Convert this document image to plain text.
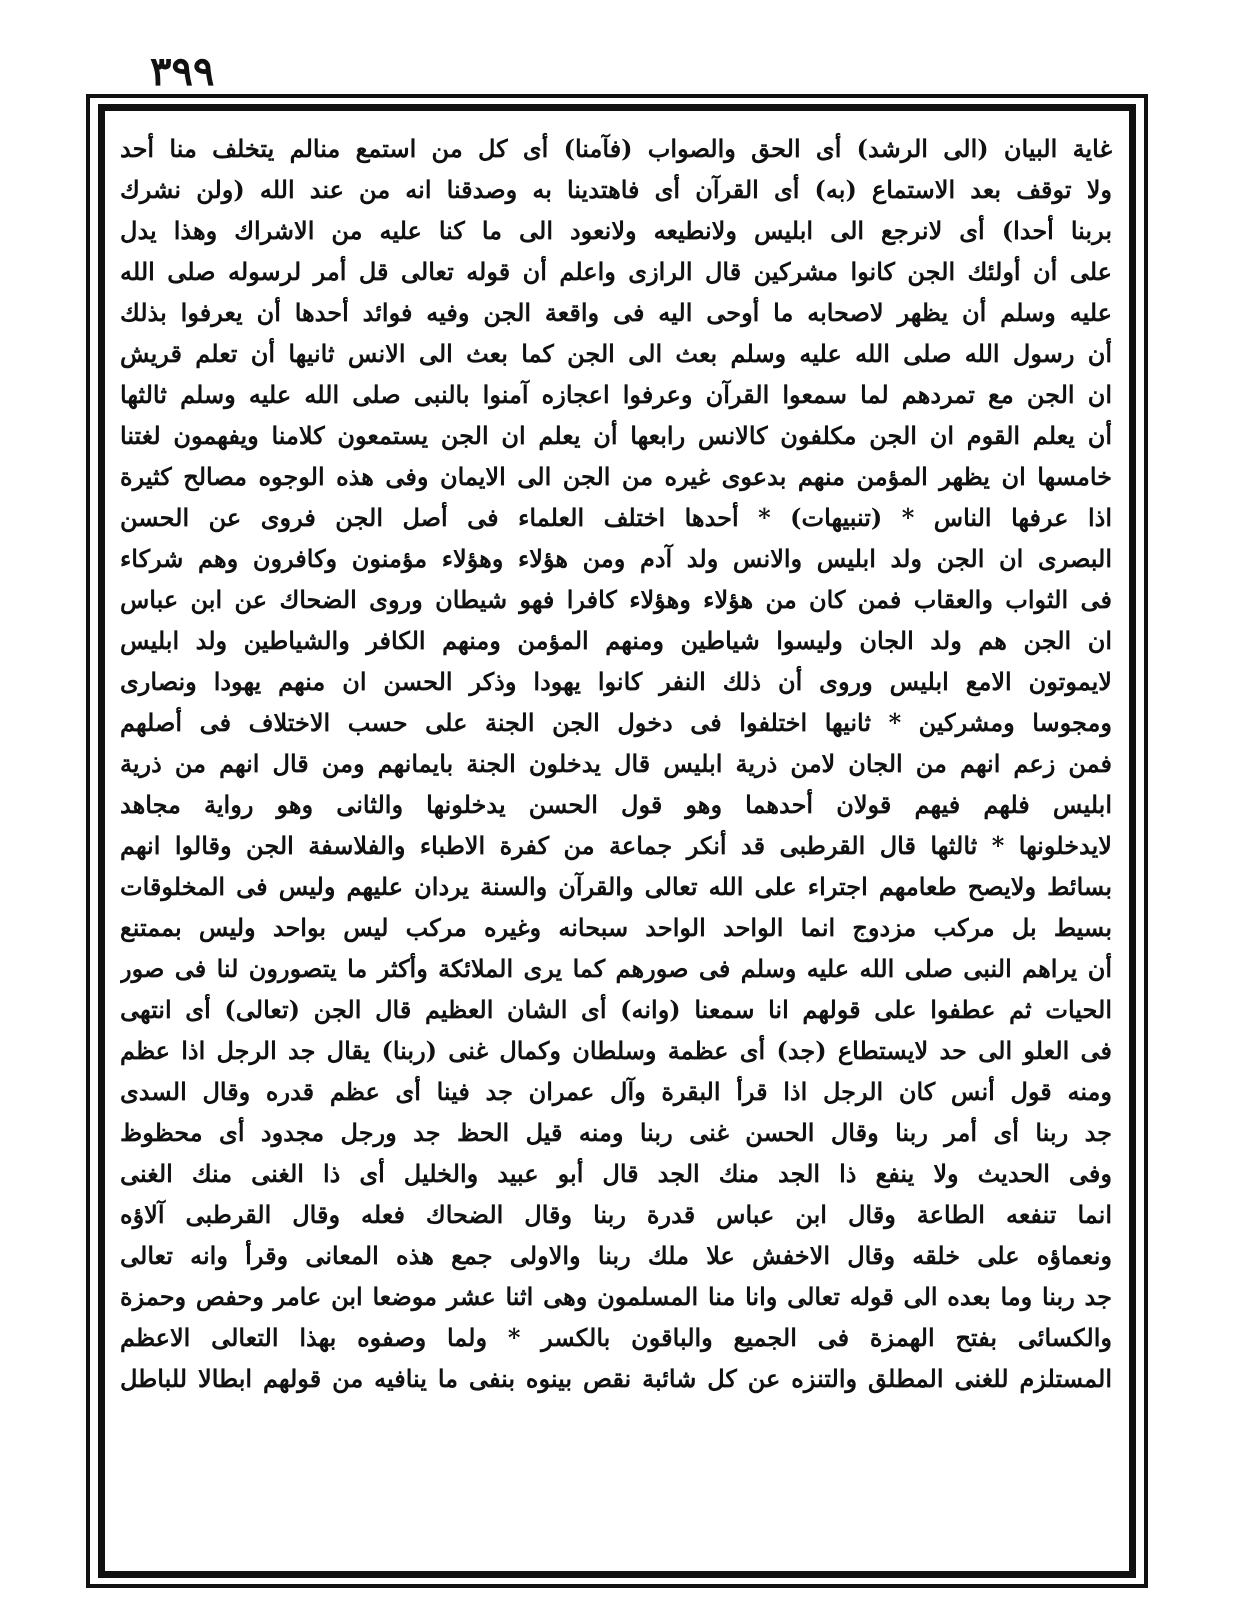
٣٩٩
غاية البيان (الى الرشد) أى الحق والصواب (فآمنا) أى كل من استمع منالم يتخلف منا أحد
ولا توقف بعد الاستماع (به) أى القرآن أى فاهتدينا به وصدقنا انه من عند الله (ولن نشرك
بربنا أحدا) أى لانرجع الى ابليس ولانطيعه ولانعود الى ما كنا عليه من الاشراك وهذا يدل
على أن أولئك الجن كانوا مشركين قال الرازى واعلم أن قوله تعالى قل أمر لرسوله صلى الله
عليه وسلم أن يظهر لاصحابه ما أوحى اليه فى واقعة الجن وفيه فوائد أحدها أن يعرفوا بذلك
أن رسول الله صلى الله عليه وسلم بعث الى الجن كما بعث الى الانس ثانيها أن تعلم قريش
ان الجن مع تمردهم لما سمعوا القرآن وعرفوا اعجازه آمنوا بالنبى صلى الله عليه وسلم ثالثها
أن يعلم القوم ان الجن مكلفون كالانس رابعها أن يعلم ان الجن يستمعون كلامنا ويفهمون لغتنا
خامسها ان يظهر المؤمن منهم بدعوى غيره من الجن الى الايمان وفى هذه الوجوه مصالح كثيرة
اذا عرفها الناس * (تنبيهات) * أحدها اختلف العلماء فى أصل الجن فروى عن الحسن
البصرى ان الجن ولد ابليس والانس ولد آدم ومن هؤلاء وهؤلاء مؤمنون وكافرون وهم شركاء
فى الثواب والعقاب فمن كان من هؤلاء وهؤلاء كافرا فهو شيطان وروى الضحاك عن ابن عباس
ان الجن هم ولد الجان وليسوا شياطين ومنهم المؤمن ومنهم الكافر والشياطين ولد ابليس
لايموتون الامع ابليس وروى أن ذلك النفر كانوا يهودا وذكر الحسن ان منهم يهودا ونصارى
ومجوسا ومشركين * ثانيها اختلفوا فى دخول الجن الجنة على حسب الاختلاف فى أصلهم
فمن زعم انهم من الجان لامن ذرية ابليس قال يدخلون الجنة بايمانهم ومن قال انهم من ذرية
ابليس فلهم فيهم قولان أحدهما وهو قول الحسن يدخلونها والثانى وهو رواية مجاهد
لايدخلونها * ثالثها قال القرطبى قد أنكر جماعة من كفرة الاطباء والفلاسفة الجن وقالوا انهم
بسائط ولايصح طعامهم اجتراء على الله تعالى والقرآن والسنة يردان عليهم وليس فى المخلوقات
بسيط بل مركب مزدوج انما الواحد الواحد سبحانه وغيره مركب ليس بواحد وليس بممتنع
أن يراهم النبى صلى الله عليه وسلم فى صورهم كما يرى الملائكة وأكثر ما يتصورون لنا فى صور
الحيات ثم عطفوا على قولهم انا سمعنا (وانه) أى الشان العظيم قال الجن (تعالى) أى انتهى
فى العلو الى حد لايستطاع (جد) أى عظمة وسلطان وكمال غنى (ربنا) يقال جد الرجل اذا عظم
ومنه قول أنس كان الرجل اذا قرأ البقرة وآل عمران جد فينا أى عظم قدره وقال السدى
جد ربنا أى أمر ربنا وقال الحسن غنى ربنا ومنه قيل الحظ جد ورجل مجدود أى محظوظ
وفى الحديث ولا ينفع ذا الجد منك الجد قال أبو عبيد والخليل أى ذا الغنى منك الغنى
انما تنفعه الطاعة وقال ابن عباس قدرة ربنا وقال الضحاك فعله وقال القرطبى آلاؤه
ونعماؤه على خلقه وقال الاخفش علا ملك ربنا والاولى جمع هذه المعانى وقرأ وانه تعالى
جد ربنا وما بعده الى قوله تعالى وانا منا المسلمون وهى اثنا عشر موضعا ابن عامر وحفص وحمزة
والكسائى بفتح الهمزة فى الجميع والباقون بالكسر * ولما وصفوه بهذا التعالى الاعظم
المستلزم للغنى المطلق والتنزه عن كل شائبة نقص بينوه بنفى ما ينافيه من قولهم ابطالا للباطل
